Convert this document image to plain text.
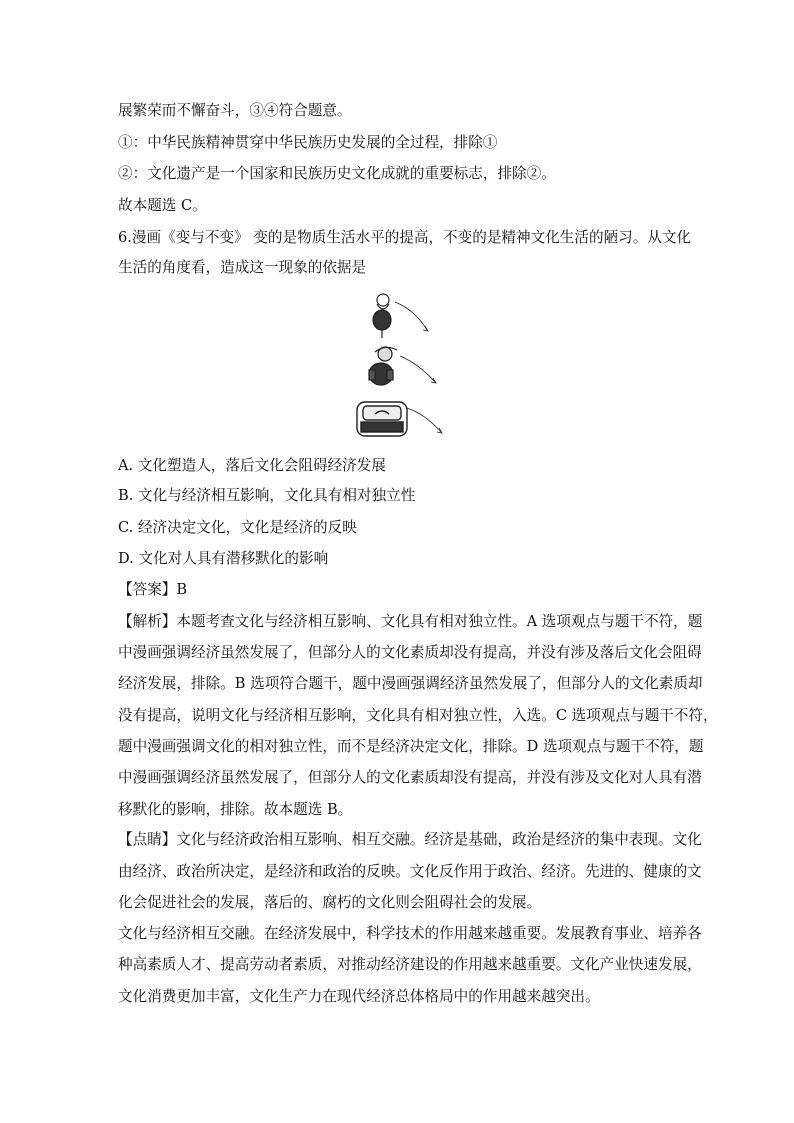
展繁荣而不懈奋斗，③④符合题意。
①：中华民族精神贯穿中华民族历史发展的全过程，排除①
②：文化遗产是一个国家和民族历史文化成就的重要标志，排除②。
故本题选 C。
6.漫画《变与不变》 变的是物质生活水平的提高，不变的是精神文化生活的陋习。从文化
生活的角度看，造成这一现象的依据是
A. 文化塑造人，落后文化会阻碍经济发展
B. 文化与经济相互影响，文化具有相对独立性
C. 经济决定文化，文化是经济的反映
D. 文化对人具有潜移默化的影响
【答案】B
【解析】本题考查文化与经济相互影响、文化具有相对独立性。A 选项观点与题干不符，题
中漫画强调经济虽然发展了，但部分人的文化素质却没有提高，并没有涉及落后文化会阻碍
经济发展，排除。B 选项符合题干，题中漫画强调经济虽然发展了，但部分人的文化素质却
没有提高，说明文化与经济相互影响，文化具有相对独立性，入选。C 选项观点与题干不符，
题中漫画强调文化的相对独立性，而不是经济决定文化，排除。D 选项观点与题干不符，题
中漫画强调经济虽然发展了，但部分人的文化素质却没有提高，并没有涉及文化对人具有潜
移默化的影响，排除。故本题选 B。
【点睛】文化与经济政治相互影响、相互交融。经济是基础，政治是经济的集中表现。文化
由经济、政治所决定，是经济和政治的反映。文化反作用于政治、经济。先进的、健康的文
化会促进社会的发展，落后的、腐朽的文化则会阻碍社会的发展。
文化与经济相互交融。在经济发展中，科学技术的作用越来越重要。发展教育事业、培养各
种高素质人才、提高劳动者素质，对推动经济建设的作用越来越重要。文化产业快速发展，
文化消费更加丰富，文化生产力在现代经济总体格局中的作用越来越突出。
